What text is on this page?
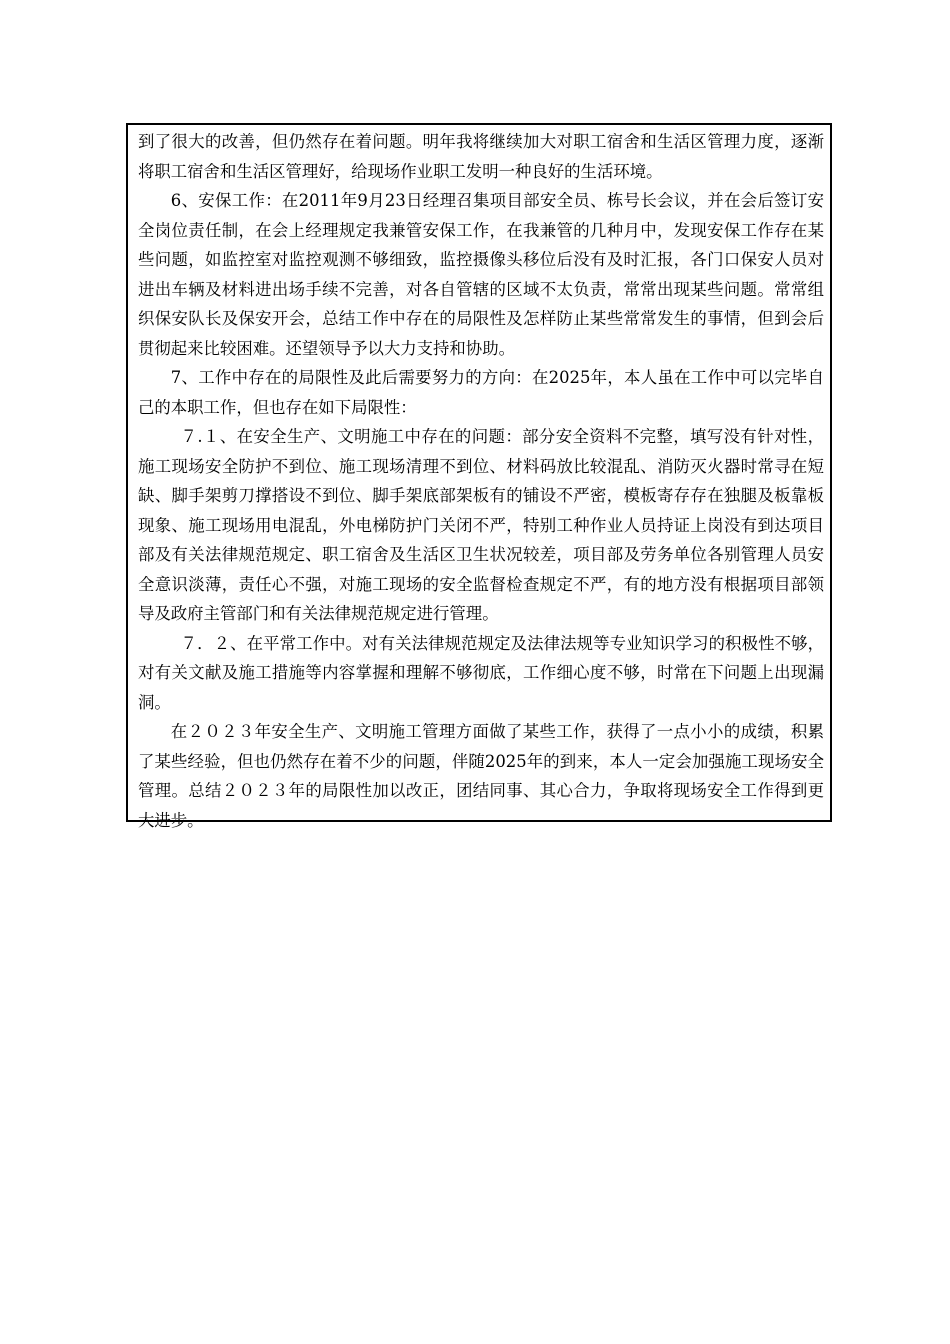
到了很大的改善，但仍然存在着问题。明年我将继续加大对职工宿舍和生活区管理力度，逐渐将职工宿舍和生活区管理好，给现场作业职工发明一种良好的生活环境。

6、安保工作：在2011年9月23日经理召集项目部安全员、栋号长会议，并在会后签订安全岗位责任制，在会上经理规定我兼管安保工作，在我兼管的几种月中，发现安保工作存在某些问题，如监控室对监控观测不够细致，监控摄像头移位后没有及时汇报，各门口保安人员对进出车辆及材料进出场手续不完善，对各自管辖的区域不太负责，常常出现某些问题。常常组织保安队长及保安开会，总结工作中存在的局限性及怎样防止某些常常发生的事情，但到会后贯彻起来比较困难。还望领导予以大力支持和协助。

7、工作中存在的局限性及此后需要努力的方向：在2025年，本人虽在工作中可以完毕自己的本职工作，但也存在如下局限性：

７.１、在安全生产、文明施工中存在的问题：部分安全资料不完整，填写没有针对性，施工现场安全防护不到位、施工现场清理不到位、材料码放比较混乱、消防灭火器时常寻在短缺、脚手架剪刀撑搭设不到位、脚手架底部架板有的铺设不严密，模板寄存存在独腿及板靠板现象、施工现场用电混乱，外电梯防护门关闭不严，特别工种作业人员持证上岗没有到达项目部及有关法律规范规定、职工宿舍及生活区卫生状况较差，项目部及劳务单位各别管理人员安全意识淡薄，责任心不强，对施工现场的安全监督检查规定不严，有的地方没有根据项目部领导及政府主管部门和有关法律规范规定进行管理。

７．２、在平常工作中。对有关法律规范规定及法律法规等专业知识学习的积极性不够，对有关文献及施工措施等内容掌握和理解不够彻底，工作细心度不够，时常在下问题上出现漏洞。

在２０２３年安全生产、文明施工管理方面做了某些工作，获得了一点小小的成绩，积累了某些经验，但也仍然存在着不少的问题，伴随2025年的到来，本人一定会加强施工现场安全管理。总结２０２３年的局限性加以改正，团结同事、其心合力，争取将现场安全工作得到更大进步。
